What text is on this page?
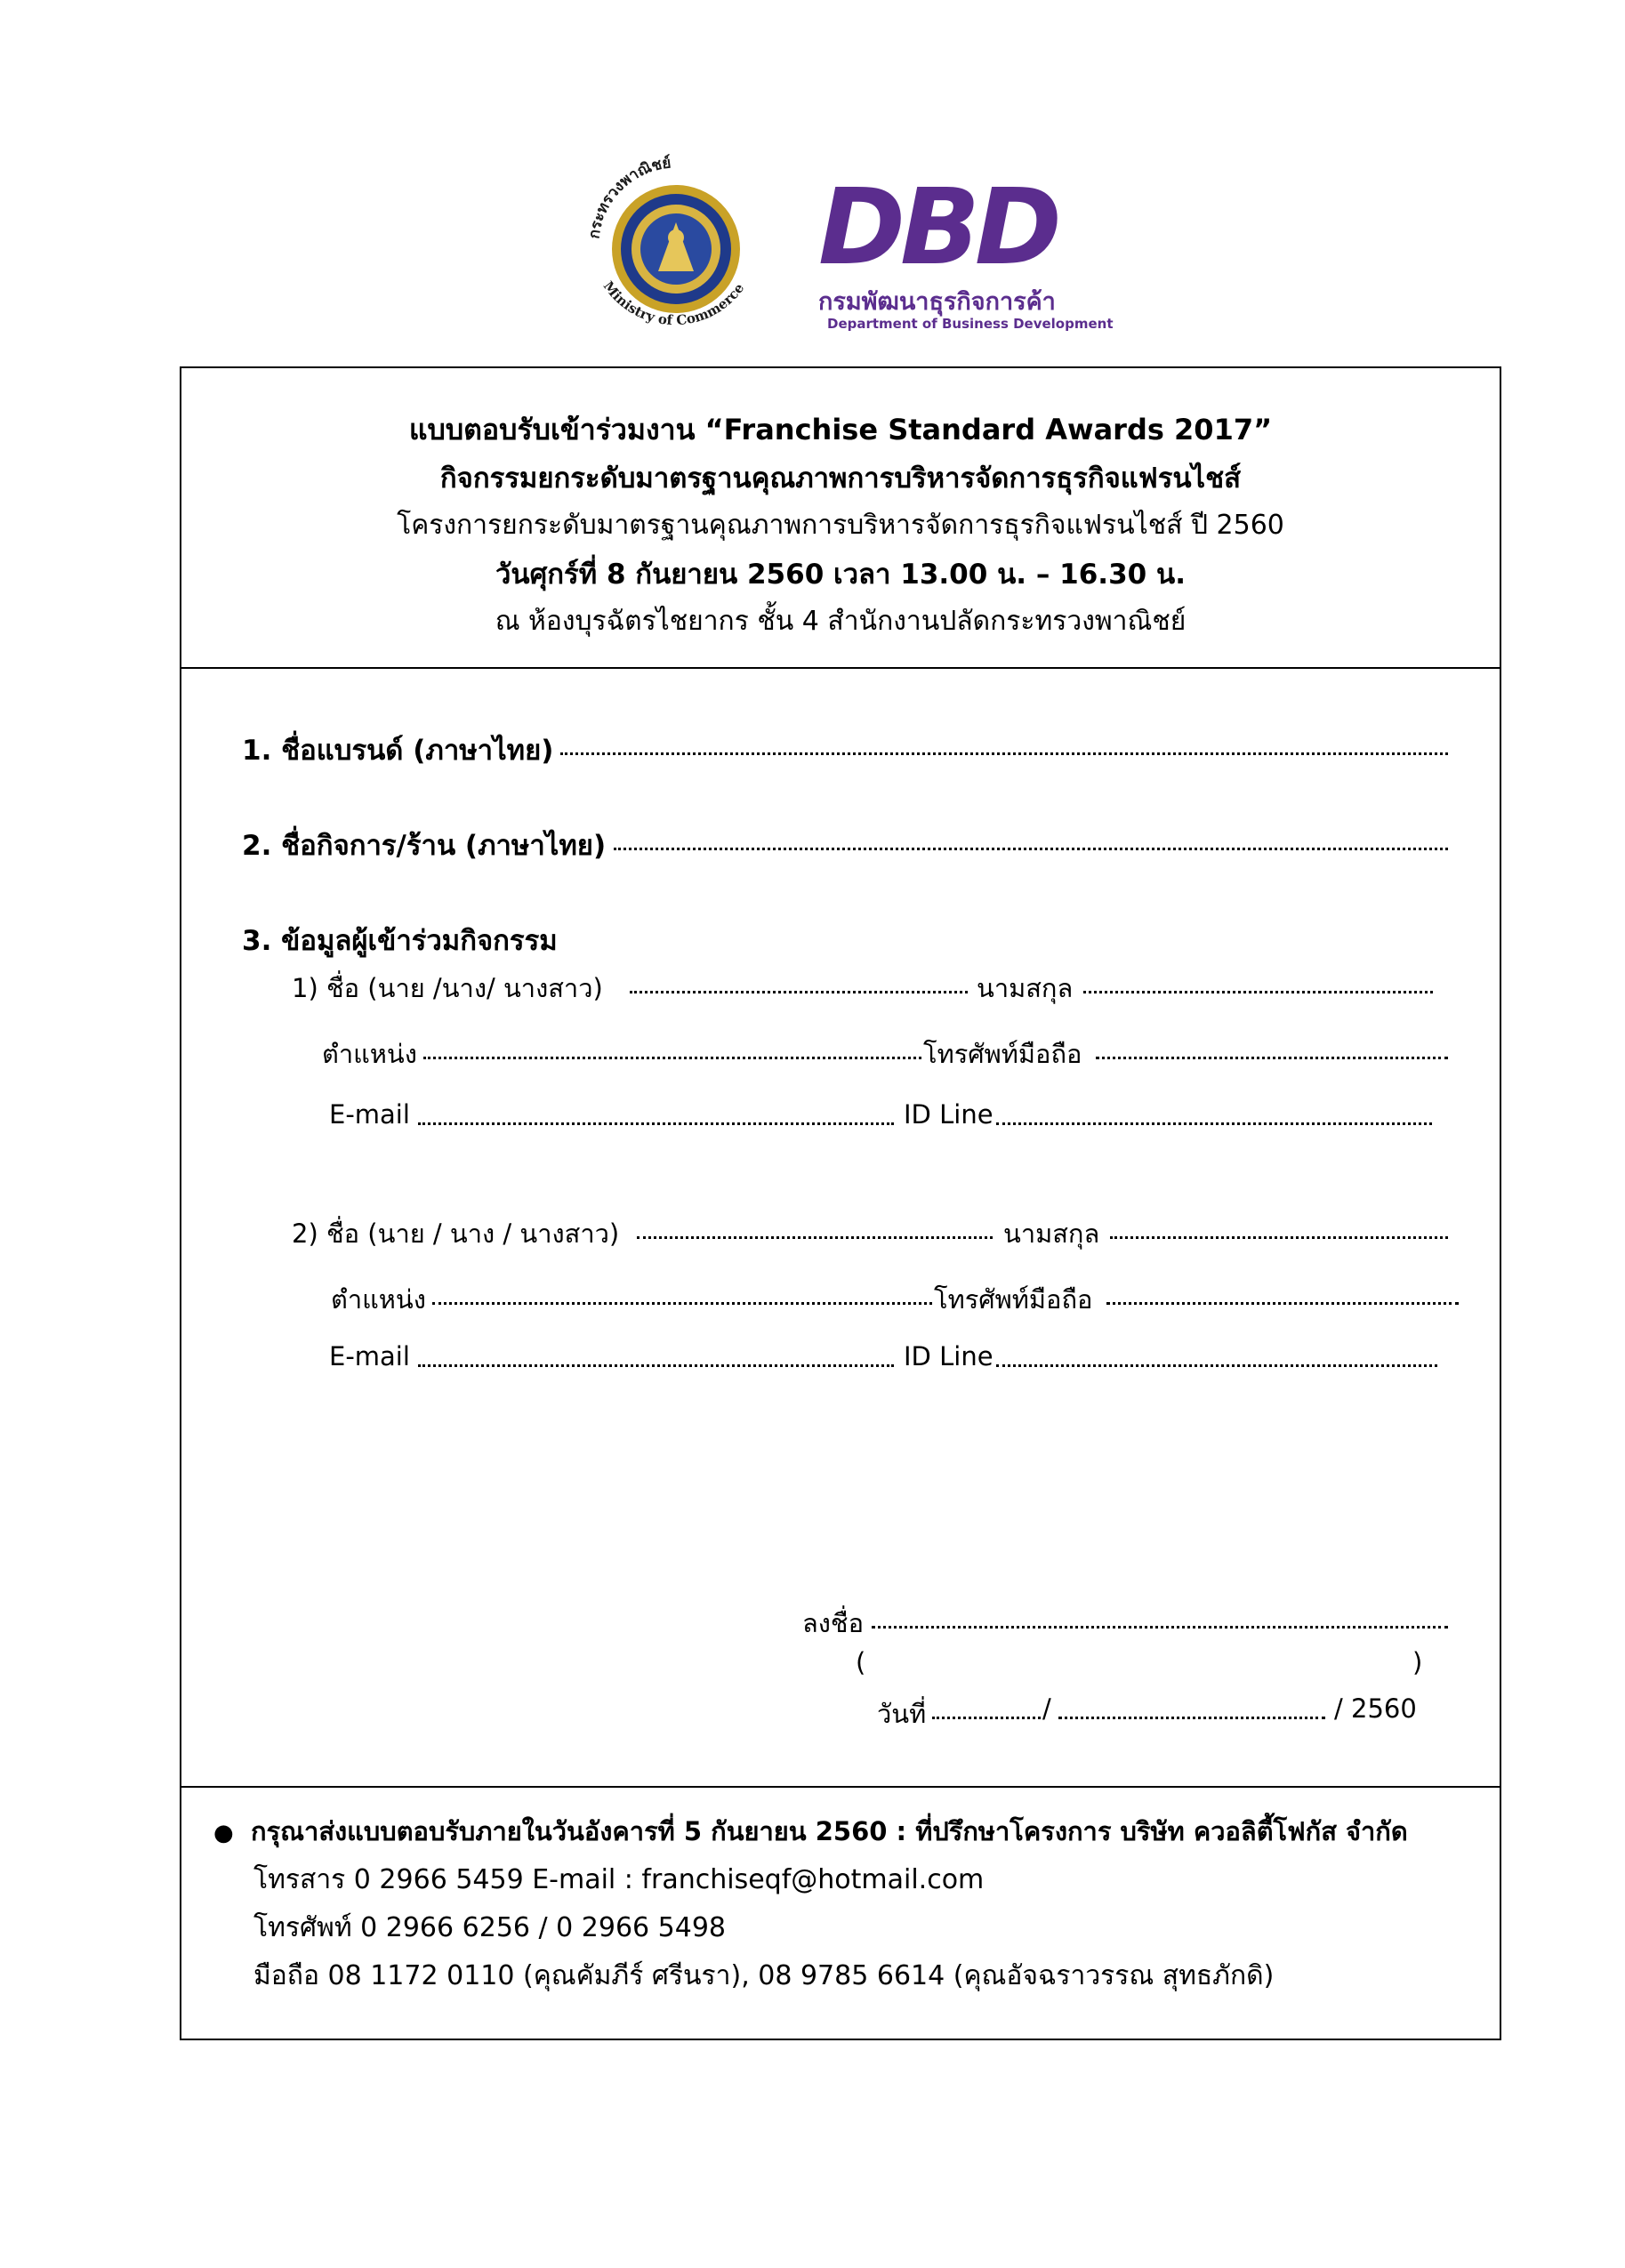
กระทรวงพาณิชย์
Ministry of Commerce
DBD
กรมพัฒนาธุรกิจการค้า
Department of Business Development
แบบตอบรับเข้าร่วมงาน “Franchise Standard Awards 2017”
กิจกรรมยกระดับมาตรฐานคุณภาพการบริหารจัดการธุรกิจแฟรนไชส์
โครงการยกระดับมาตรฐานคุณภาพการบริหารจัดการธุรกิจแฟรนไชส์ ปี 2560
วันศุกร์ที่ 8 กันยายน 2560 เวลา 13.00 น. – 16.30 น.
ณ ห้องบุรฉัตรไชยากร ชั้น 4 สำนักงานปลัดกระทรวงพาณิชย์
1. ชื่อแบรนด์ (ภาษาไทย)
2. ชื่อกิจการ/ร้าน (ภาษาไทย)
3. ข้อมูลผู้เข้าร่วมกิจกรรม
1) ชื่อ (นาย /นาง/ นางสาว)	นามสกุล
ตำแหน่ง	โทรศัพท์มือถือ
E-mail	ID Line
2) ชื่อ (นาย / นาง / นางสาว)	นามสกุล
ตำแหน่ง	โทรศัพท์มือถือ
E-mail	ID Line
ลงชื่อ
(	)
วันที่	/	/ 2560
● กรุณาส่งแบบตอบรับภายในวันอังคารที่ 5 กันยายน 2560 : ที่ปรึกษาโครงการ บริษัท ควอลิตี้โฟกัส จำกัด
โทรสาร 0 2966 5459 E-mail : franchiseqf@hotmail.com
โทรศัพท์ 0 2966 6256 / 0 2966 5498
มือถือ 08 1172 0110 (คุณคัมภีร์ ศรีนรา), 08 9785 6614 (คุณอัจฉราวรรณ สุทธภักดิ)
